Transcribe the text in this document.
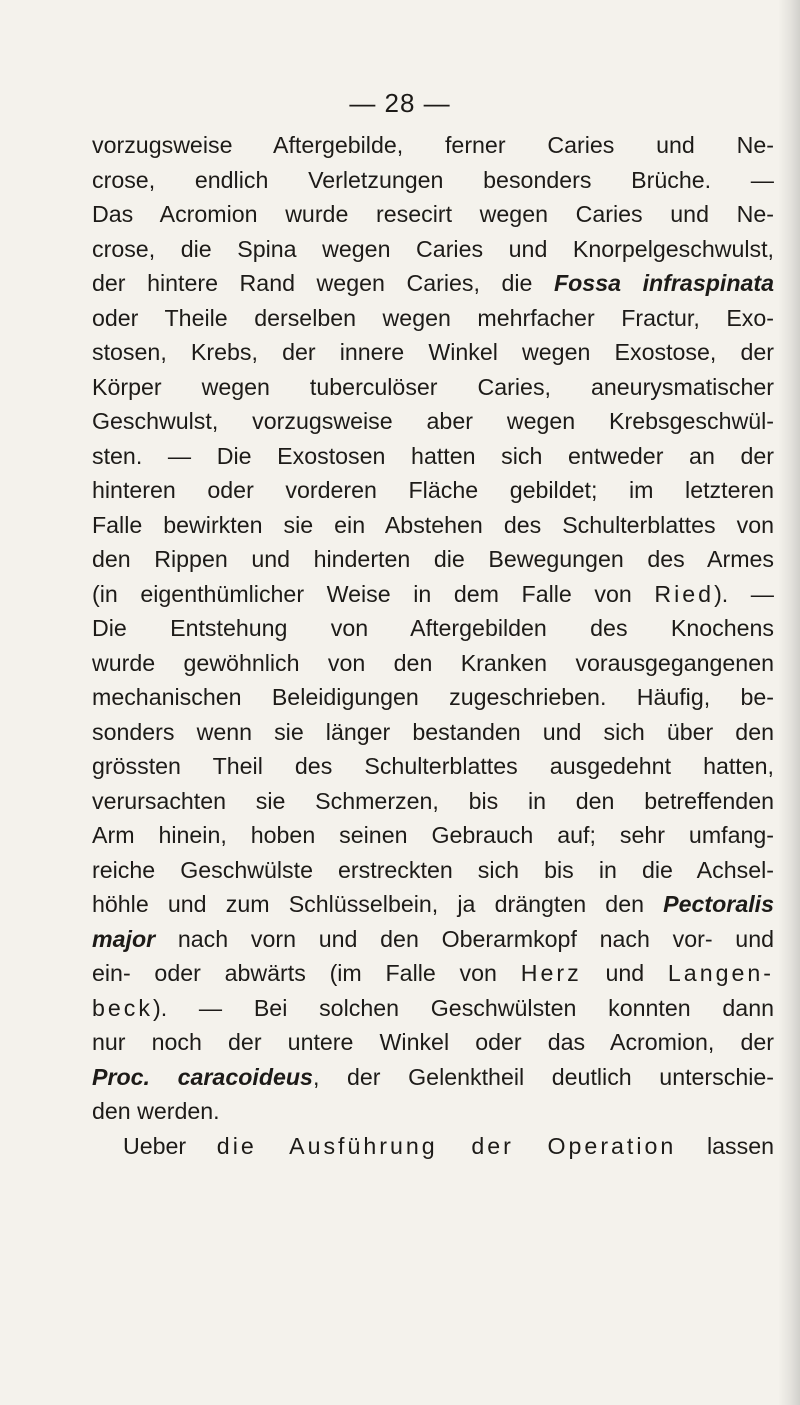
— 28 —
vorzugsweise Aftergebilde, ferner Caries und Ne-
crose, endlich Verletzungen besonders Brüche. —
Das Acromion wurde resecirt wegen Caries und Ne-
crose, die Spina wegen Caries und Knorpelgeschwulst,
der hintere Rand wegen Caries, die Fossa infraspinata
oder Theile derselben wegen mehrfacher Fractur, Exo-
stosen, Krebs, der innere Winkel wegen Exostose, der
Körper wegen tuberculöser Caries, aneurysmatischer
Geschwulst, vorzugsweise aber wegen Krebsgeschwül-
sten. — Die Exostosen hatten sich entweder an der
hinteren oder vorderen Fläche gebildet; im letzteren
Falle bewirkten sie ein Abstehen des Schulterblattes von
den Rippen und hinderten die Bewegungen des Armes
(in eigenthümlicher Weise in dem Falle von Ried). —
Die Entstehung von Aftergebilden des Knochens
wurde gewöhnlich von den Kranken vorausgegangenen
mechanischen Beleidigungen zugeschrieben. Häufig, be-
sonders wenn sie länger bestanden und sich über den
grössten Theil des Schulterblattes ausgedehnt hatten,
verursachten sie Schmerzen, bis in den betreffenden
Arm hinein, hoben seinen Gebrauch auf; sehr umfang-
reiche Geschwülste erstreckten sich bis in die Achsel-
höhle und zum Schlüsselbein, ja drängten den Pectoralis
major nach vorn und den Oberarmkopf nach vor- und
ein- oder abwärts (im Falle von Herz und Langen-
beck). — Bei solchen Geschwülsten konnten dann
nur noch der untere Winkel oder das Acromion, der
Proc. caracoideus, der Gelenktheil deutlich unterschie-
den werden.
Ueber die Ausführung der Operation lassen
